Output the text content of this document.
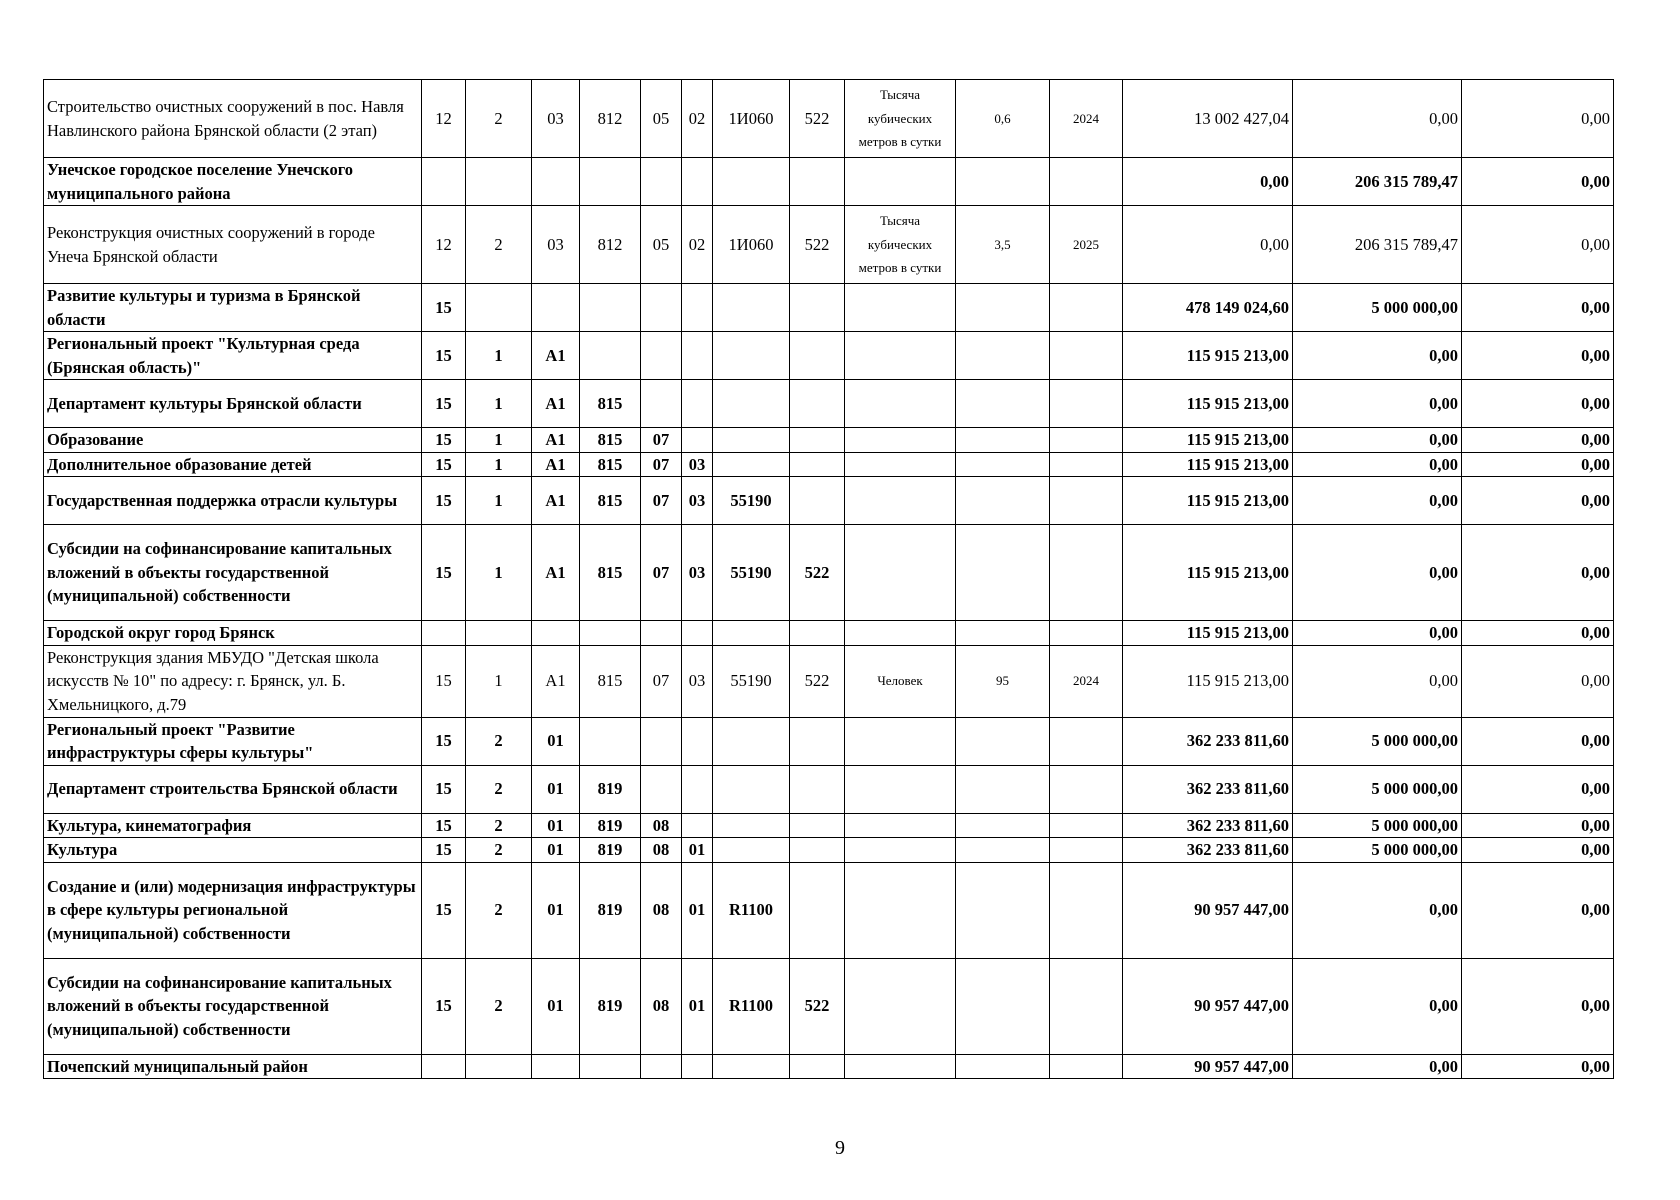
Строительство очистных сооружений в пос. Навля Навлинского района Брянской области (2 этап)	12	2	03	812	05	02	1И060	522	Тысяча кубических метров в сутки	0,6	2024	13 002 427,04	0,00	0,00
Унечское городское поселение Унечского муниципального района												0,00	206 315 789,47	0,00
Реконструкция очистных сооружений в городе Унеча Брянской области	12	2	03	812	05	02	1И060	522	Тысяча кубических метров в сутки	3,5	2025	0,00	206 315 789,47	0,00
Развитие культуры и туризма в Брянской области	15											478 149 024,60	5 000 000,00	0,00
Региональный проект "Культурная среда (Брянская область)"	15	1	A1									115 915 213,00	0,00	0,00
Департамент культуры Брянской области	15	1	A1	815								115 915 213,00	0,00	0,00
Образование	15	1	A1	815	07							115 915 213,00	0,00	0,00
Дополнительное образование детей	15	1	A1	815	07	03						115 915 213,00	0,00	0,00
Государственная поддержка отрасли культуры	15	1	A1	815	07	03	55190					115 915 213,00	0,00	0,00
Субсидии на софинансирование капитальных вложений в объекты государственной (муниципальной) собственности	15	1	A1	815	07	03	55190	522				115 915 213,00	0,00	0,00
Городской округ город Брянск												115 915 213,00	0,00	0,00
Реконструкция здания МБУДО "Детская школа искусств № 10" по адресу: г. Брянск, ул. Б. Хмельницкого, д.79	15	1	A1	815	07	03	55190	522	Человек	95	2024	115 915 213,00	0,00	0,00
Региональный проект "Развитие инфраструктуры сферы культуры"	15	2	01									362 233 811,60	5 000 000,00	0,00
Департамент строительства Брянской области	15	2	01	819								362 233 811,60	5 000 000,00	0,00
Культура, кинематография	15	2	01	819	08							362 233 811,60	5 000 000,00	0,00
Культура	15	2	01	819	08	01						362 233 811,60	5 000 000,00	0,00
Создание и (или) модернизация инфраструктуры в сфере культуры региональной (муниципальной) собственности	15	2	01	819	08	01	R1100					90 957 447,00	0,00	0,00
Субсидии на софинансирование капитальных вложений в объекты государственной (муниципальной) собственности	15	2	01	819	08	01	R1100	522				90 957 447,00	0,00	0,00
Почепский муниципальный район												90 957 447,00	0,00	0,00
9
